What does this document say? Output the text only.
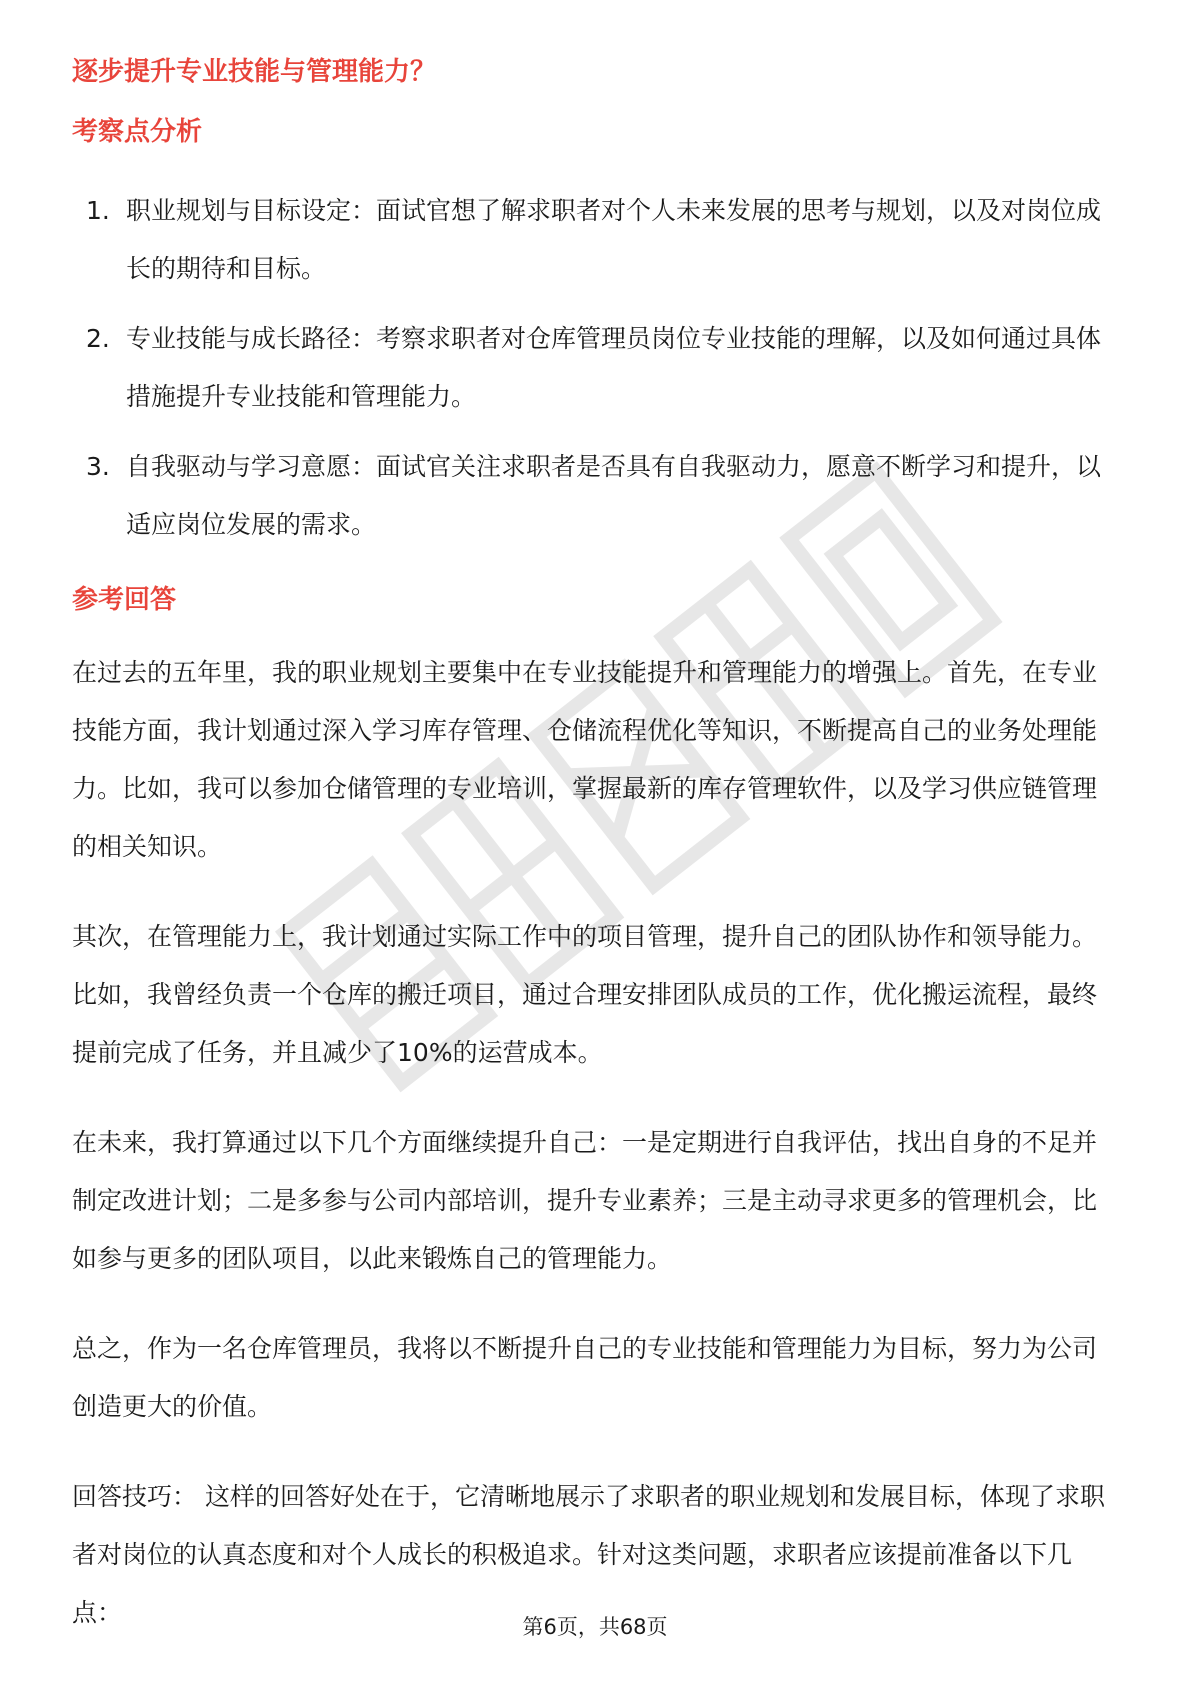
逐步提升专业技能与管理能力？
考察点分析
1. 职业规划与目标设定：面试官想了解求职者对个人未来发展的思考与规划，以及对岗位成长的期待和目标。
2. 专业技能与成长路径：考察求职者对仓库管理员岗位专业技能的理解，以及如何通过具体措施提升专业技能和管理能力。
3. 自我驱动与学习意愿：面试官关注求职者是否具有自我驱动力，愿意不断学习和提升，以适应岗位发展的需求。
参考回答

在过去的五年里，我的职业规划主要集中在专业技能提升和管理能力的增强上。首先，在专业技能方面，我计划通过深入学习库存管理、仓储流程优化等知识，不断提高自己的业务处理能力。比如，我可以参加仓储管理的专业培训，掌握最新的库存管理软件，以及学习供应链管理的相关知识。

其次，在管理能力上，我计划通过实际工作中的项目管理，提升自己的团队协作和领导能力。比如，我曾经负责一个仓库的搬迁项目，通过合理安排团队成员的工作，优化搬运流程，最终提前完成了任务，并且减少了10%的运营成本。

在未来，我打算通过以下几个方面继续提升自己：一是定期进行自我评估，找出自身的不足并制定改进计划；二是多参与公司内部培训，提升专业素养；三是主动寻求更多的管理机会，比如参与更多的团队项目，以此来锻炼自己的管理能力。

总之，作为一名仓库管理员，我将以不断提升自己的专业技能和管理能力为目标，努力为公司创造更大的价值。

回答技巧： 这样的回答好处在于，它清晰地展示了求职者的职业规划和发展目标，体现了求职者对岗位的认真态度和对个人成长的积极追求。针对这类问题，求职者应该提前准备以下几点：	第6页，共68页
